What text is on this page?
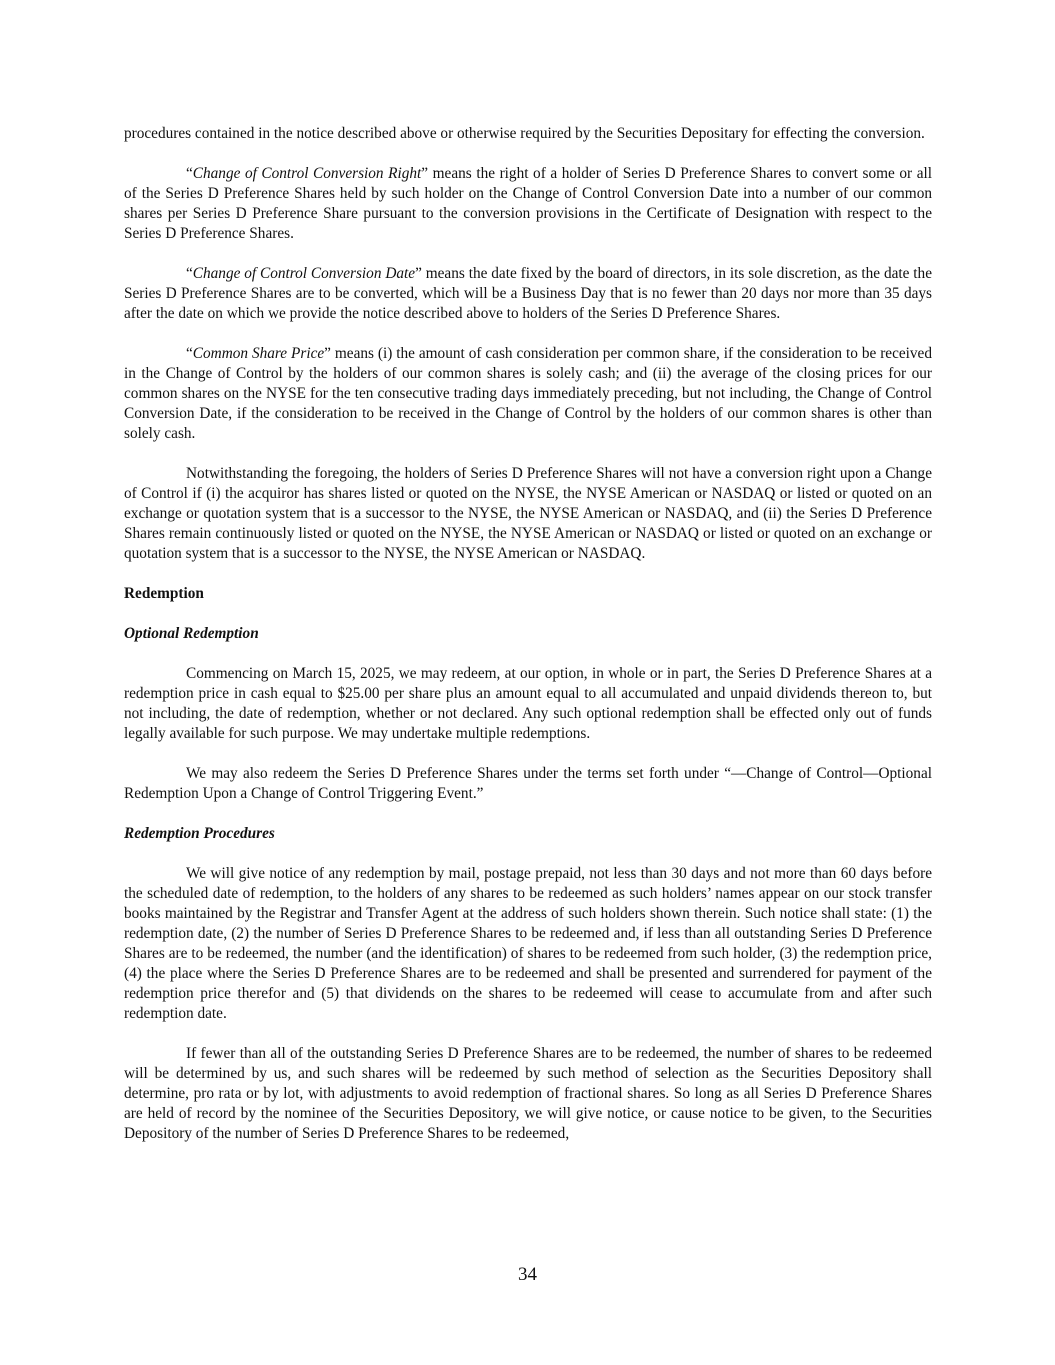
procedures contained in the notice described above or otherwise required by the Securities Depositary for effecting the conversion.

“Change of Control Conversion Right” means the right of a holder of Series D Preference Shares to convert some or all of the Series D Preference Shares held by such holder on the Change of Control Conversion Date into a number of our common shares per Series D Preference Share pursuant to the conversion provisions in the Certificate of Designation with respect to the Series D Preference Shares.

“Change of Control Conversion Date” means the date fixed by the board of directors, in its sole discretion, as the date the Series D Preference Shares are to be converted, which will be a Business Day that is no fewer than 20 days nor more than 35 days after the date on which we provide the notice described above to holders of the Series D Preference Shares.

“Common Share Price” means (i) the amount of cash consideration per common share, if the consideration to be received in the Change of Control by the holders of our common shares is solely cash; and (ii) the average of the closing prices for our common shares on the NYSE for the ten consecutive trading days immediately preceding, but not including, the Change of Control Conversion Date, if the consideration to be received in the Change of Control by the holders of our common shares is other than solely cash.

Notwithstanding the foregoing, the holders of Series D Preference Shares will not have a conversion right upon a Change of Control if (i) the acquiror has shares listed or quoted on the NYSE, the NYSE American or NASDAQ or listed or quoted on an exchange or quotation system that is a successor to the NYSE, the NYSE American or NASDAQ, and (ii) the Series D Preference Shares remain continuously listed or quoted on the NYSE, the NYSE American or NASDAQ or listed or quoted on an exchange or quotation system that is a successor to the NYSE, the NYSE American or NASDAQ.

Redemption

Optional Redemption

Commencing on March 15, 2025, we may redeem, at our option, in whole or in part, the Series D Preference Shares at a redemption price in cash equal to $25.00 per share plus an amount equal to all accumulated and unpaid dividends thereon to, but not including, the date of redemption, whether or not declared. Any such optional redemption shall be effected only out of funds legally available for such purpose. We may undertake multiple redemptions.

We may also redeem the Series D Preference Shares under the terms set forth under “—Change of Control—Optional Redemption Upon a Change of Control Triggering Event.”

Redemption Procedures

We will give notice of any redemption by mail, postage prepaid, not less than 30 days and not more than 60 days before the scheduled date of redemption, to the holders of any shares to be redeemed as such holders’ names appear on our stock transfer books maintained by the Registrar and Transfer Agent at the address of such holders shown therein. Such notice shall state: (1) the redemption date, (2) the number of Series D Preference Shares to be redeemed and, if less than all outstanding Series D Preference Shares are to be redeemed, the number (and the identification) of shares to be redeemed from such holder, (3) the redemption price, (4) the place where the Series D Preference Shares are to be redeemed and shall be presented and surrendered for payment of the redemption price therefor and (5) that dividends on the shares to be redeemed will cease to accumulate from and after such redemption date.

If fewer than all of the outstanding Series D Preference Shares are to be redeemed, the number of shares to be redeemed will be determined by us, and such shares will be redeemed by such method of selection as the Securities Depository shall determine, pro rata or by lot, with adjustments to avoid redemption of fractional shares. So long as all Series D Preference Shares are held of record by the nominee of the Securities Depository, we will give notice, or cause notice to be given, to the Securities Depository of the number of Series D Preference Shares to be redeemed,

34
